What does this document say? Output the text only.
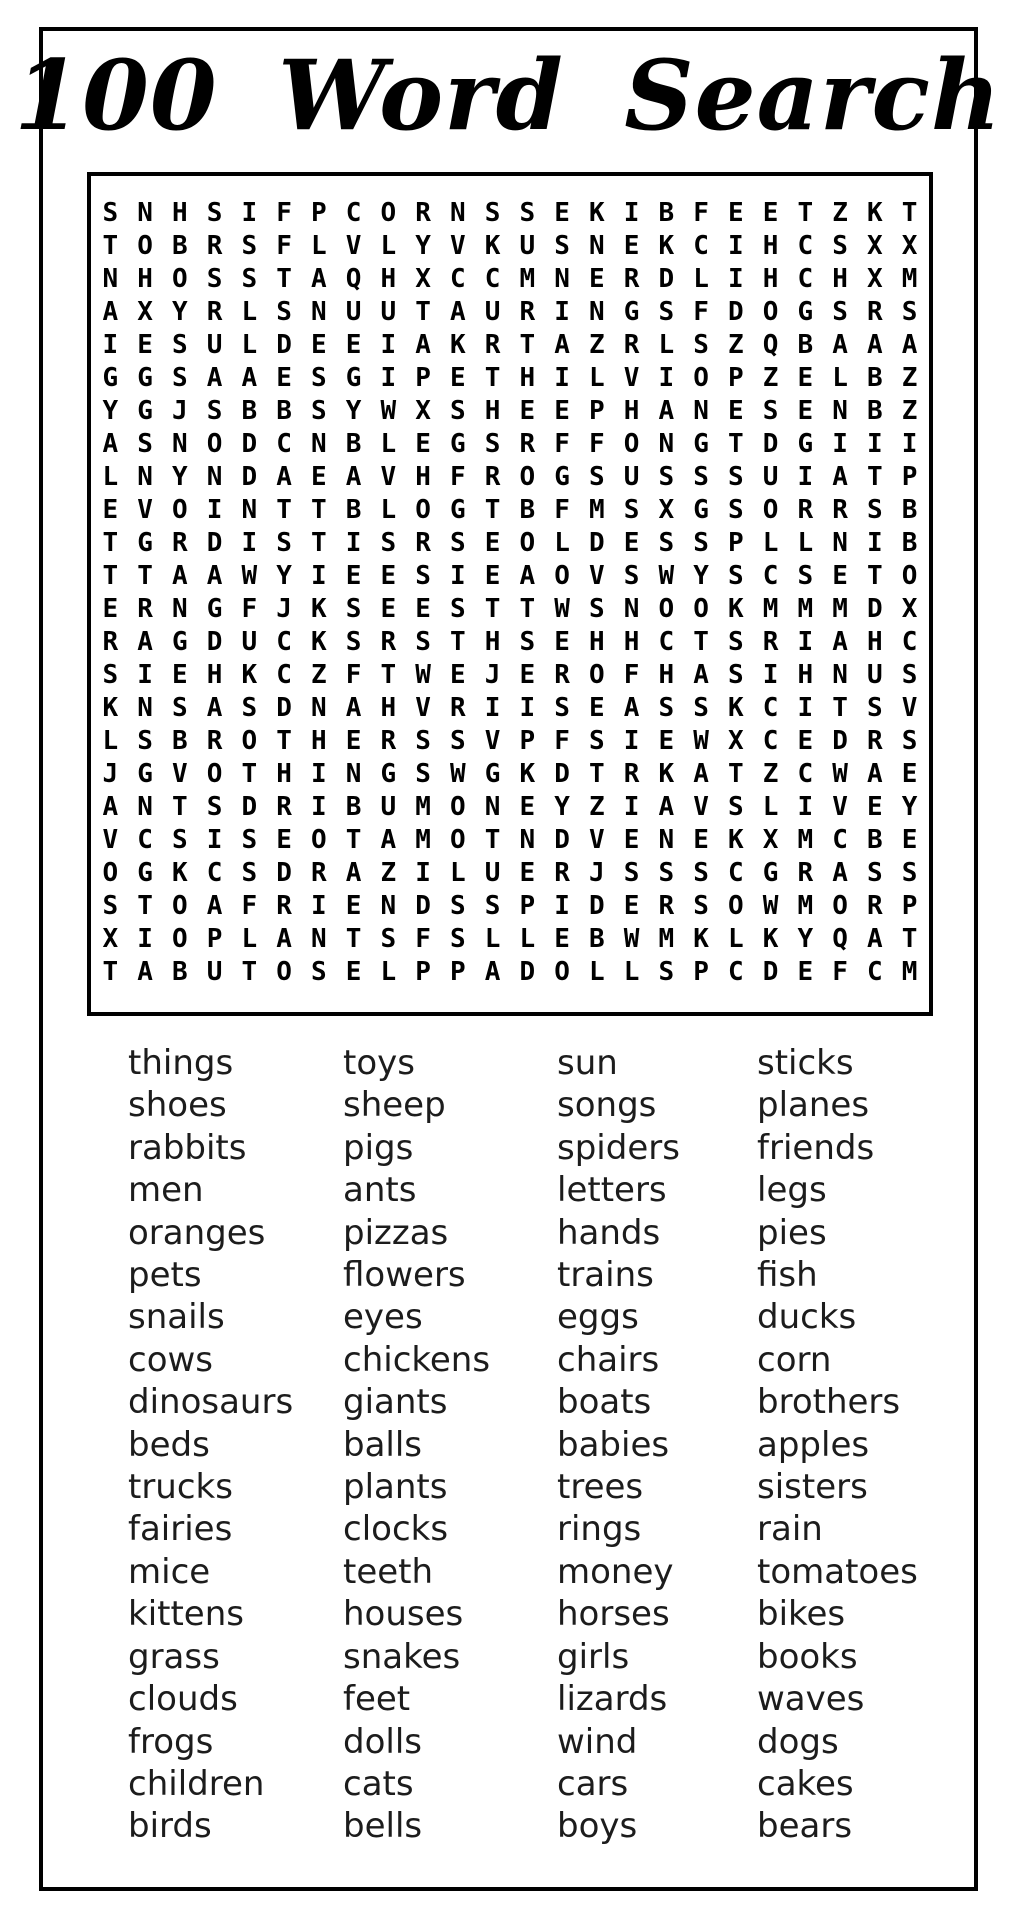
100 Word Search
S N H S I F P C O R N S S E K I B F E E T Z K T
T O B R S F L V L Y V K U S N E K C I H C S X X
N H O S S T A Q H X C C M N E R D L I H C H X M
A X Y R L S N U U T A U R I N G S F D O G S R S
I E S U L D E E I A K R T A Z R L S Z Q B A A A
G G S A A E S G I P E T H I L V I O P Z E L B Z
Y G J S B B S Y W X S H E E P H A N E S E N B Z
A S N O D C N B L E G S R F F O N G T D G I I I
L N Y N D A E A V H F R O G S U S S S U I A T P
E V O I N T T B L O G T B F M S X G S O R R S B
T G R D I S T I S R S E O L D E S S P L L N I B
T T A A W Y I E E S I E A O V S W Y S C S E T O
E R N G F J K S E E S T T W S N O O K M M M D X
R A G D U C K S R S T H S E H H C T S R I A H C
S I E H K C Z F T W E J E R O F H A S I H N U S
K N S A S D N A H V R I I S E A S S K C I T S V
L S B R O T H E R S S V P F S I E W X C E D R S
J G V O T H I N G S W G K D T R K A T Z C W A E
A N T S D R I B U M O N E Y Z I A V S L I V E Y
V C S I S E O T A M O T N D V E N E K X M C B E
O G K C S D R A Z I L U E R J S S S C G R A S S
S T O A F R I E N D S S P I D E R S O W M O R P
X I O P L A N T S F S L L E B W M K L K Y Q A T
T A B U T O S E L P P A D O L L S P C D E F C M
things
shoes
rabbits
men
oranges
pets
snails
cows
dinosaurs
beds
trucks
fairies
mice
kittens
grass
clouds
frogs
children
birds
toys
sheep
pigs
ants
pizzas
flowers
eyes
chickens
giants
balls
plants
clocks
teeth
houses
snakes
feet
dolls
cats
bells
sun
songs
spiders
letters
hands
trains
eggs
chairs
boats
babies
trees
rings
money
horses
girls
lizards
wind
cars
boys
sticks
planes
friends
legs
pies
fish
ducks
corn
brothers
apples
sisters
rain
tomatoes
bikes
books
waves
dogs
cakes
bears
